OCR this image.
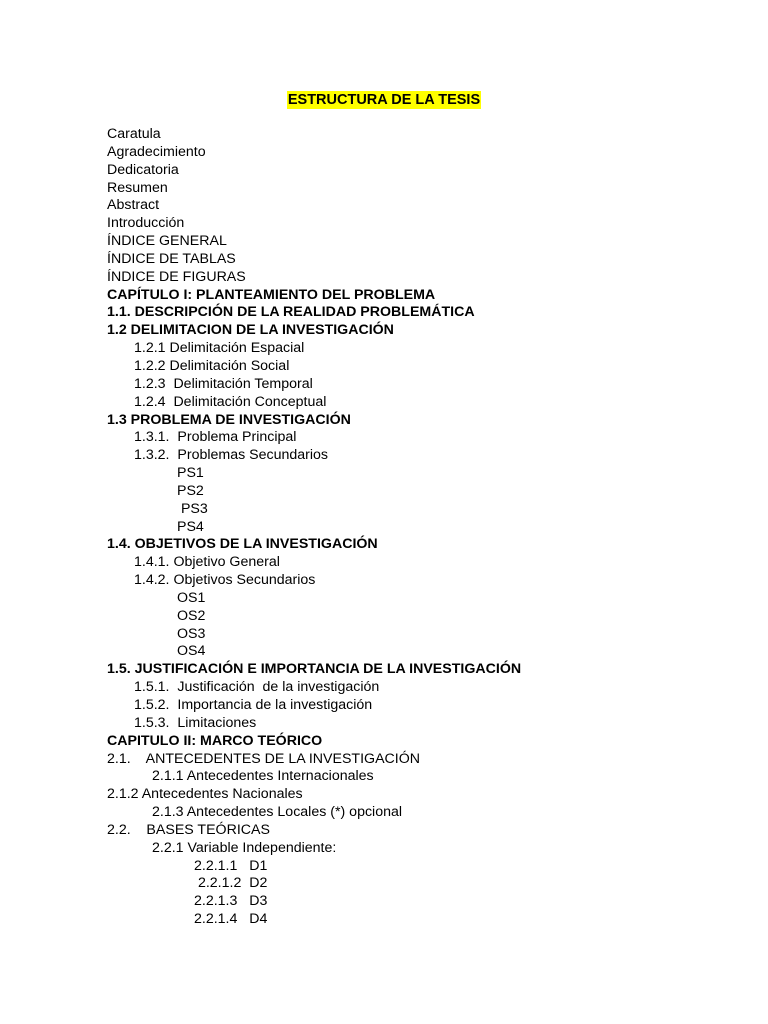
ESTRUCTURA DE LA TESIS
Caratula
Agradecimiento
Dedicatoria
Resumen
Abstract
Introducción
ÍNDICE GENERAL
ÍNDICE DE TABLAS
ÍNDICE DE FIGURAS
CAPÍTULO I: PLANTEAMIENTO DEL PROBLEMA
1.1. DESCRIPCIÓN DE LA REALIDAD PROBLEMÁTICA
1.2 DELIMITACION DE LA INVESTIGACIÓN
1.2.1 Delimitación Espacial
1.2.2 Delimitación Social
1.2.3  Delimitación Temporal
1.2.4  Delimitación Conceptual
1.3 PROBLEMA DE INVESTIGACIÓN
1.3.1.  Problema Principal
1.3.2.  Problemas Secundarios
PS1
PS2
PS3
PS4
1.4. OBJETIVOS DE LA INVESTIGACIÓN
1.4.1. Objetivo General
1.4.2. Objetivos Secundarios
OS1
OS2
OS3
OS4
1.5. JUSTIFICACIÓN E IMPORTANCIA DE LA INVESTIGACIÓN
1.5.1.  Justificación  de la investigación
1.5.2.  Importancia de la investigación
1.5.3.  Limitaciones
CAPITULO II: MARCO TEÓRICO
2.1.    ANTECEDENTES DE LA INVESTIGACIÓN
2.1.1 Antecedentes Internacionales
2.1.2 Antecedentes Nacionales
2.1.3 Antecedentes Locales (*) opcional
2.2.    BASES TEÓRICAS
2.2.1 Variable Independiente:
2.2.1.1   D1
2.2.1.2  D2
2.2.1.3   D3
2.2.1.4   D4
